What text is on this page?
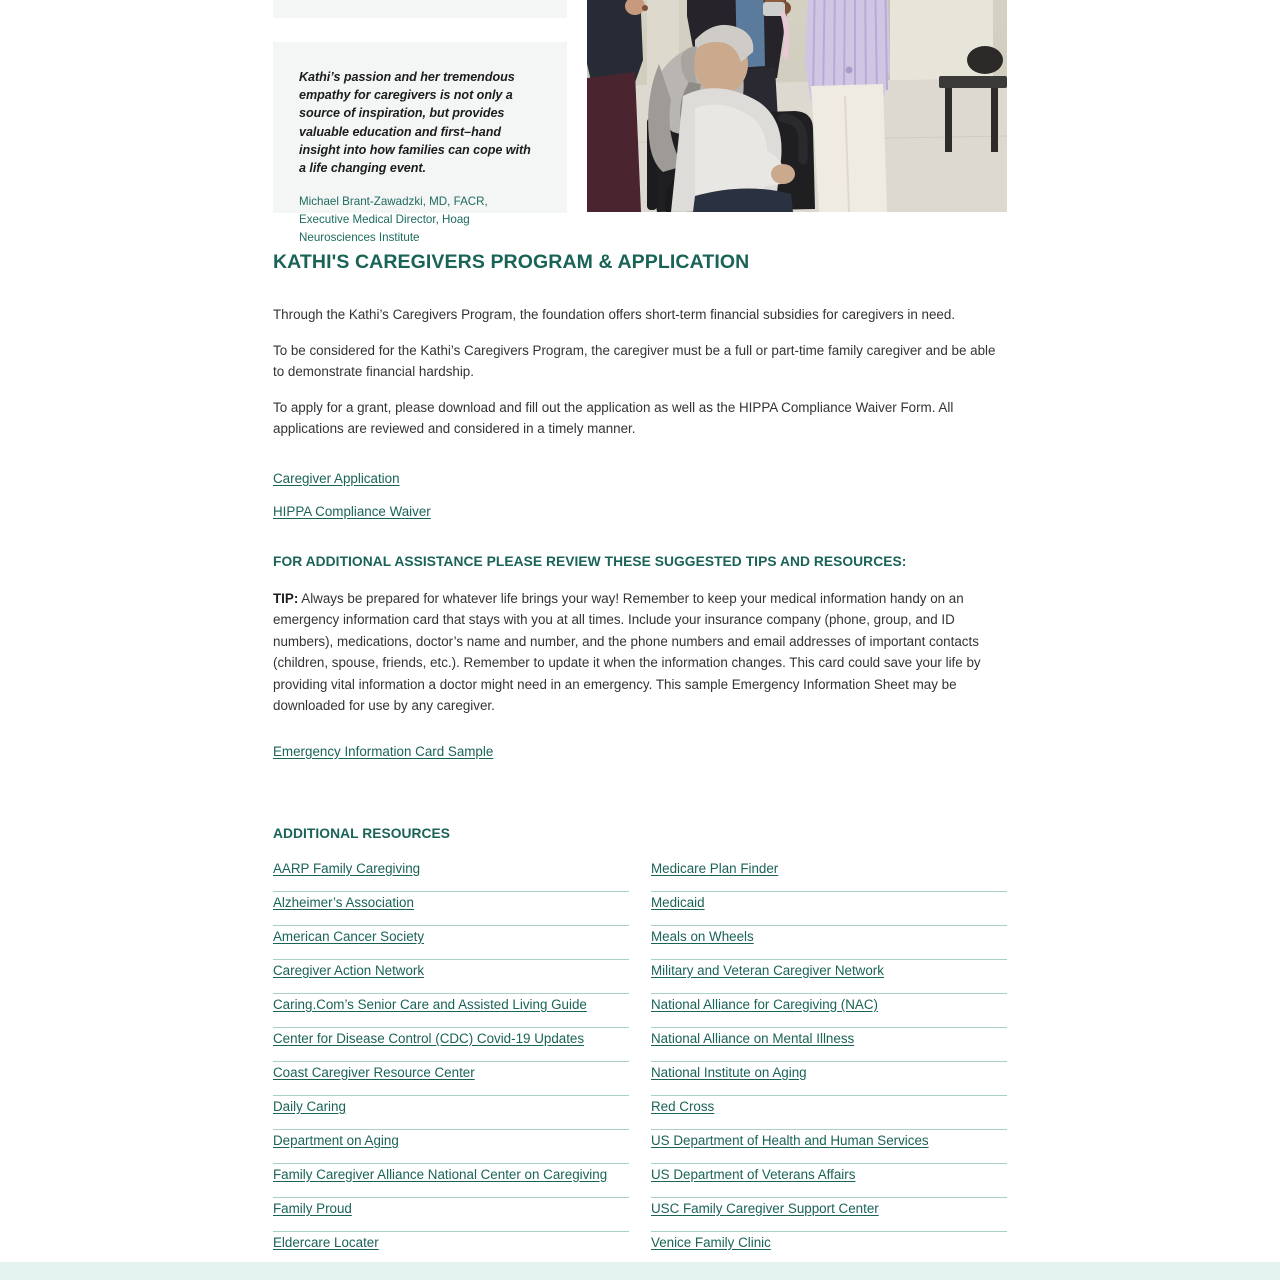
Kathi’s passion and her tremendous empathy for caregivers is not only a source of inspiration, but provides valuable education and first–hand insight into how families can cope with a life changing event.

Michael Brant-Zawadzki, MD, FACR, Executive Medical Director, Hoag Neurosciences Institute

KATHI'S CAREGIVERS PROGRAM & APPLICATION

Through the Kathi’s Caregivers Program, the foundation offers short-term financial subsidies for caregivers in need.

To be considered for the Kathi’s Caregivers Program, the caregiver must be a full or part-time family caregiver and be able to demonstrate financial hardship.

To apply for a grant, please download and fill out the application as well as the HIPPA Compliance Waiver Form. All applications are reviewed and considered in a timely manner.

Caregiver Application
HIPPA Compliance Waiver
FOR ADDITIONAL ASSISTANCE PLEASE REVIEW THESE SUGGESTED TIPS AND RESOURCES:

TIP: Always be prepared for whatever life brings your way! Remember to keep your medical information handy on an emergency information card that stays with you at all times. Include your insurance company (phone, group, and ID numbers), medications, doctor’s name and number, and the phone numbers and email addresses of important contacts (children, spouse, friends, etc.). Remember to update it when the information changes. This card could save your life by providing vital information a doctor might need in an emergency. This sample Emergency Information Sheet may be downloaded for use by any caregiver.

Emergency Information Card Sample
ADDITIONAL RESOURCES
AARP Family Caregiving
Alzheimer’s Association
American Cancer Society
Caregiver Action Network
Caring.Com’s Senior Care and Assisted Living Guide
Center for Disease Control (CDC) Covid-19 Updates
Coast Caregiver Resource Center
Daily Caring
Department on Aging
Family Caregiver Alliance National Center on Caregiving
Family Proud
Eldercare Locater
Medicare Plan Finder
Medicaid
Meals on Wheels
Military and Veteran Caregiver Network
National Alliance for Caregiving (NAC)
National Alliance on Mental Illness
National Institute on Aging
Red Cross
US Department of Health and Human Services
US Department of Veterans Affairs
USC Family Caregiver Support Center
Venice Family Clinic
